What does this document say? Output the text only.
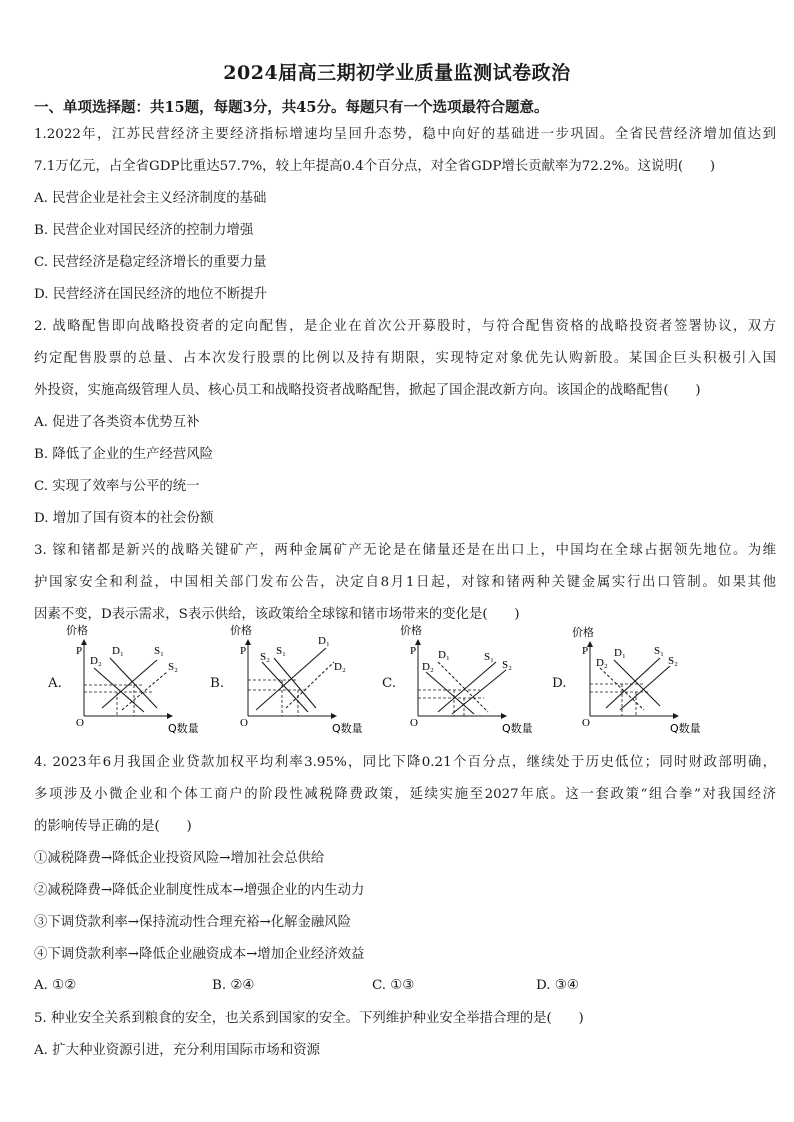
2024届高三期初学业质量监测试卷政治
一、单项选择题：共15题，每题3分，共45分。每题只有一个选项最符合题意。
1.2022年，江苏民营经济主要经济指标增速均呈回升态势，稳中向好的基础进一步巩固。全省民营经济增加值达到
7.1万亿元，占全省GDP比重达57.7%，较上年提高0.4个百分点，对全省GDP增长贡献率为72.2%。这说明(　　)
A. 民营企业是社会主义经济制度的基础
B. 民营企业对国民经济的控制力增强
C. 民营经济是稳定经济增长的重要力量
D. 民营经济在国民经济的地位不断提升
2. 战略配售即向战略投资者的定向配售，是企业在首次公开募股时，与符合配售资格的战略投资者签署协议，双方
约定配售股票的总量、占本次发行股票的比例以及持有期限，实现特定对象优先认购新股。某国企巨头积极引入国
外投资，实施高级管理人员、核心员工和战略投资者战略配售，掀起了国企混改新方向。该国企的战略配售(　　)
A. 促进了各类资本优势互补
B. 降低了企业的生产经营风险
C. 实现了效率与公平的统一
D. 增加了国有资本的社会份额
3. 镓和锗都是新兴的战略关键矿产，两种金属矿产无论是在储量还是在出口上，中国均在全球占据领先地位。为维
护国家安全和利益，中国相关部门发布公告，决定自8月1日起，对镓和锗两种关键金属实行出口管制。如果其他
因素不变，D表示需求，S表示供给，该政策给全球镓和锗市场带来的变化是(　　)
A.
价格
P
O	Q数量
D₁
D₂
S₁
S₂
B.
价格
P
O	Q数量
S₂ S₁
D₁
D₂
C.
价格
P
O	Q数量
D₁
D₂
S₁
S₂
D.
价格
P
O	Q数量
D₂
D₁	S₁
S₂
4. 2023年6月我国企业贷款加权平均利率3.95%，同比下降0.21个百分点，继续处于历史低位；同时财政部明确，
多项涉及小微企业和个体工商户的阶段性减税降费政策，延续实施至2027年底。这一套政策“组合拳”对我国经济
的影响传导正确的是(　　)
①减税降费→降低企业投资风险→增加社会总供给
②减税降费→降低企业制度性成本→增强企业的内生动力
③下调贷款利率→保持流动性合理充裕→化解金融风险
④下调贷款利率→降低企业融资成本→增加企业经济效益
A. ①②	B. ②④	C. ①③	D. ③④
5. 种业安全关系到粮食的安全，也关系到国家的安全。下列维护种业安全举措合理的是(　　)
A. 扩大种业资源引进，充分利用国际市场和资源
